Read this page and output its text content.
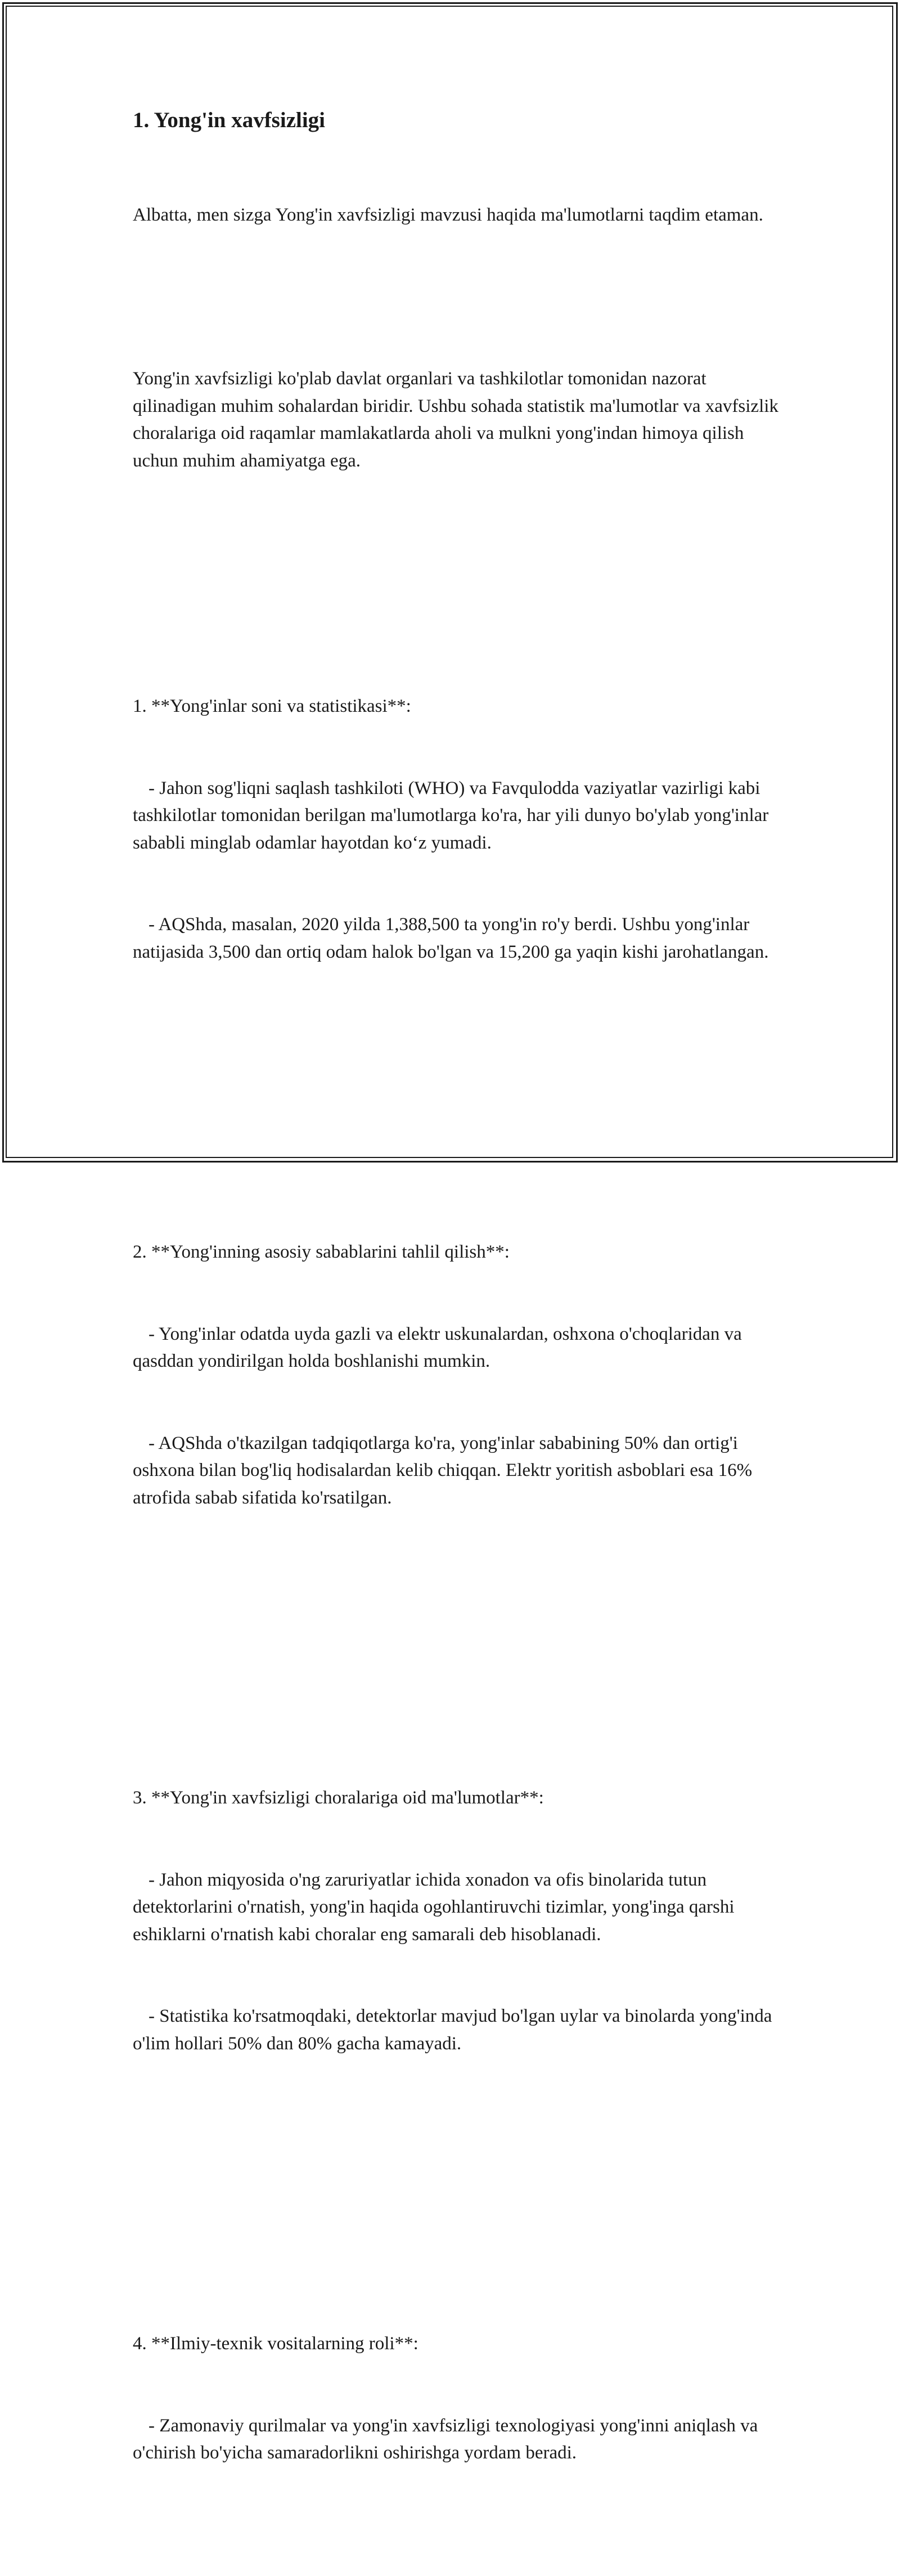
1. Yong'in xavfsizligi

Albatta, men sizga Yong'in xavfsizligi mavzusi haqida ma'lumotlarni taqdim etaman.

Yong'in xavfsizligi ko'plab davlat organlari va tashkilotlar tomonidan nazorat qilinadigan muhim sohalardan biridir. Ushbu sohada statistik ma'lumotlar va xavfsizlik choralariga oid raqamlar mamlakatlarda aholi va mulkni yong'indan himoya qilish uchun muhim ahamiyatga ega.

1. **Yong'inlar soni va statistikasi**:

- Jahon sog'liqni saqlash tashkiloti (WHO) va Favqulodda vaziyatlar vazirligi kabi tashkilotlar tomonidan berilgan ma'lumotlarga ko'ra, har yili dunyo bo'ylab yong'inlar sababli minglab odamlar hayotdan ko‘z yumadi.

- AQShda, masalan, 2020 yilda 1,388,500 ta yong'in ro'y berdi. Ushbu yong'inlar natijasida 3,500 dan ortiq odam halok bo'lgan va 15,200 ga yaqin kishi jarohatlangan.

2. **Yong'inning asosiy sabablarini tahlil qilish**:

- Yong'inlar odatda uyda gazli va elektr uskunalardan, oshxona o'choqlaridan va qasddan yondirilgan holda boshlanishi mumkin.

- AQShda o'tkazilgan tadqiqotlarga ko'ra, yong'inlar sababining 50% dan ortig'i oshxona bilan bog'liq hodisalardan kelib chiqqan. Elektr yoritish asboblari esa 16% atrofida sabab sifatida ko'rsatilgan.

3. **Yong'in xavfsizligi choralariga oid ma'lumotlar**:

- Jahon miqyosida o'ng zaruriyatlar ichida xonadon va ofis binolarida tutun detektorlarini o'rnatish, yong'in haqida ogohlantiruvchi tizimlar, yong'inga qarshi eshiklarni o'rnatish kabi choralar eng samarali deb hisoblanadi.

- Statistika ko'rsatmoqdaki, detektorlar mavjud bo'lgan uylar va binolarda yong'inda o'lim hollari 50% dan 80% gacha kamayadi.

4. **Ilmiy-texnik vositalarning roli**:

- Zamonaviy qurilmalar va yong'in xavfsizligi texnologiyasi yong'inni aniqlash va o'chirish bo'yicha samaradorlikni oshirishga yordam beradi.
